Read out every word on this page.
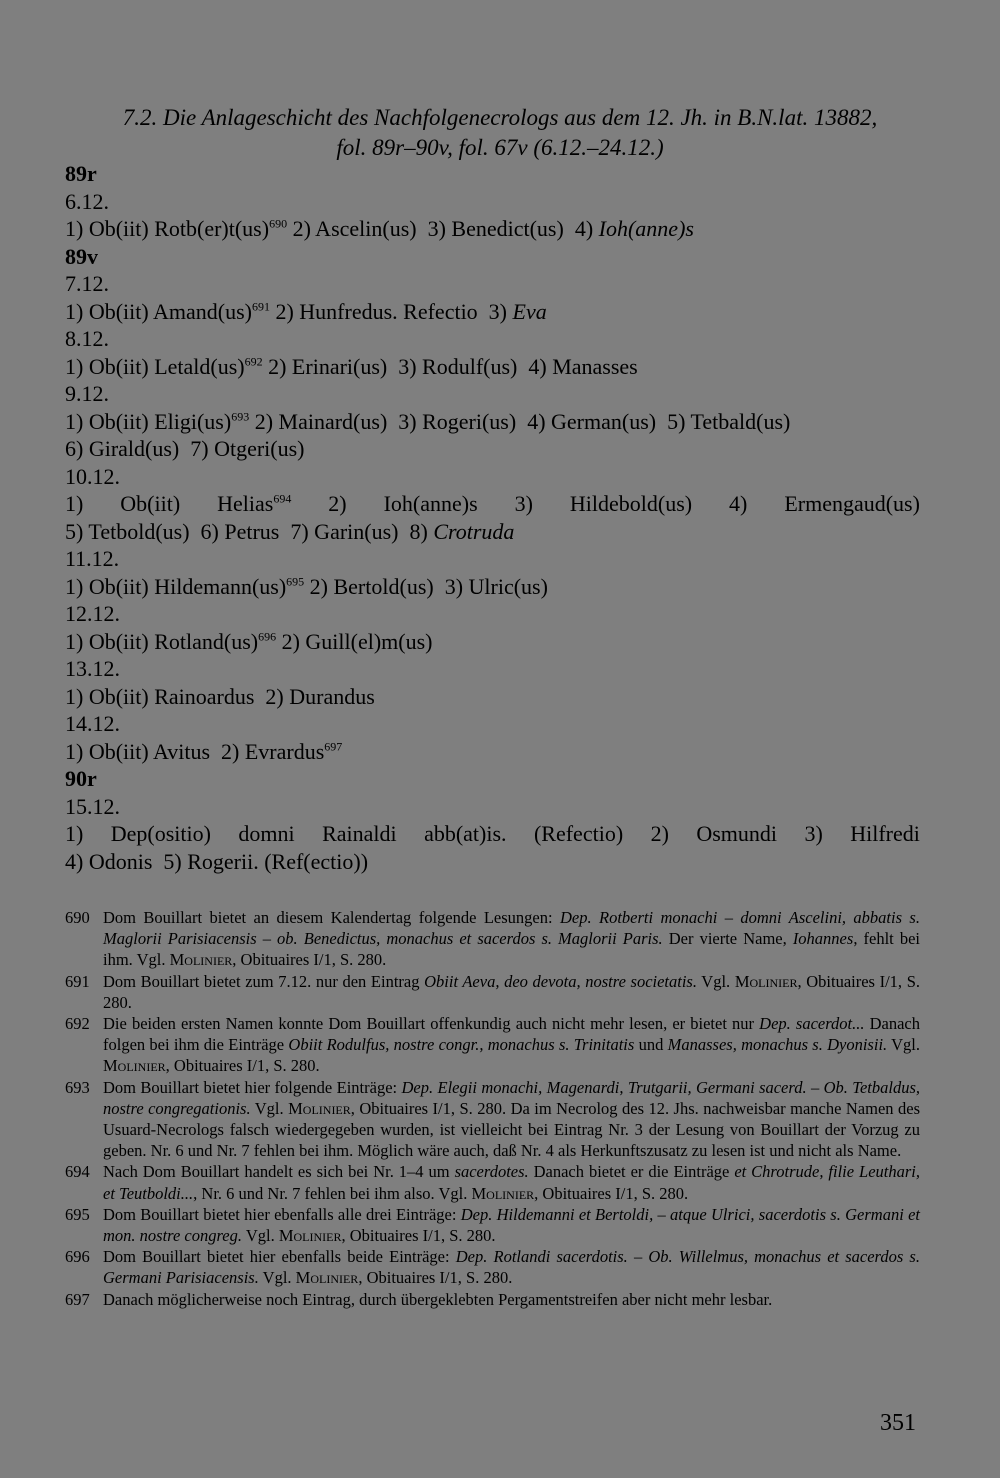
7.2. Die Anlageschicht des Nachfolgenecrologs aus dem 12. Jh. in B.N.lat. 13882,
fol. 89r–90v, fol. 67v (6.12.–24.12.)
89r
6.12.
1) Ob(iit) Rotb(er)t(us)$^{690}$ 2) Ascelin(us)  3) Benedict(us)  4) Ioh(anne)s
89v
7.12.
1) Ob(iit) Amand(us)$^{691}$ 2) Hunfredus. Refectio  3) Eva
8.12.
1) Ob(iit) Letald(us)$^{692}$ 2) Erinari(us)  3) Rodulf(us)  4) Manasses
9.12.
1) Ob(iit) Eligi(us)$^{693}$ 2) Mainard(us)  3) Rogeri(us)  4) German(us)  5) Tetbald(us)
6) Girald(us)  7) Otgeri(us)
10.12.
1) Ob(iit) Helias$^{694}$ 2) Ioh(anne)s 3) Hildebold(us) 4) Ermengaud(us)
5) Tetbold(us)  6) Petrus  7) Garin(us)  8) Crotruda
11.12.
1) Ob(iit) Hildemann(us)$^{695}$ 2) Bertold(us)  3) Ulric(us)
12.12.
1) Ob(iit) Rotland(us)$^{696}$ 2) Guill(el)m(us)
13.12.
1) Ob(iit) Rainoardus  2) Durandus
14.12.
1) Ob(iit) Avitus  2) Evrardus$^{697}$
90r
15.12.
1) Dep(ositio) domni Rainaldi abb(at)is. (Refectio) 2) Osmundi 3) Hilfredi
4) Odonis  5) Rogerii. (Ref(ectio))
690 Dom Bouillart bietet an diesem Kalendertag folgende Lesungen: Dep. Rotberti monachi – domni Ascelini, abbatis s. Maglorii Parisiacensis – ob. Benedictus, monachus et sacerdos s. Maglorii Paris. Der vierte Name, Iohannes, fehlt bei ihm. Vgl. Molinier, Obituaires I/1, S. 280.
691 Dom Bouillart bietet zum 7.12. nur den Eintrag Obiit Aeva, deo devota, nostre societatis. Vgl. Molinier, Obituaires I/1, S. 280.
692 Die beiden ersten Namen konnte Dom Bouillart offenkundig auch nicht mehr lesen, er bietet nur Dep. sacerdot... Danach folgen bei ihm die Einträge Obiit Rodulfus, nostre congr., monachus s. Trinitatis und Manasses, monachus s. Dyonisii. Vgl. Molinier, Obituaires I/1, S. 280.
693 Dom Bouillart bietet hier folgende Einträge: Dep. Elegii monachi, Magenardi, Trutgarii, Germani sacerd. – Ob. Tetbaldus, nostre congregationis. Vgl. Molinier, Obituaires I/1, S. 280. Da im Necrolog des 12. Jhs. nachweisbar manche Namen des Usuard-Necrologs falsch wiedergegeben wurden, ist vielleicht bei Eintrag Nr. 3 der Lesung von Bouillart der Vorzug zu geben. Nr. 6 und Nr. 7 fehlen bei ihm. Möglich wäre auch, daß Nr. 4 als Herkunftszusatz zu lesen ist und nicht als Name.
694 Nach Dom Bouillart handelt es sich bei Nr. 1–4 um sacerdotes. Danach bietet er die Einträge et Chrotrude, filie Leuthari, et Teutboldi..., Nr. 6 und Nr. 7 fehlen bei ihm also. Vgl. Molinier, Obituaires I/1, S. 280.
695 Dom Bouillart bietet hier ebenfalls alle drei Einträge: Dep. Hildemanni et Bertoldi, – atque Ulrici, sacerdotis s. Germani et mon. nostre congreg. Vgl. Molinier, Obituaires I/1, S. 280.
696 Dom Bouillart bietet hier ebenfalls beide Einträge: Dep. Rotlandi sacerdotis. – Ob. Willelmus, monachus et sacerdos s. Germani Parisiacensis. Vgl. Molinier, Obituaires I/1, S. 280.
697 Danach möglicherweise noch Eintrag, durch übergeklebten Pergamentstreifen aber nicht mehr lesbar.
351
